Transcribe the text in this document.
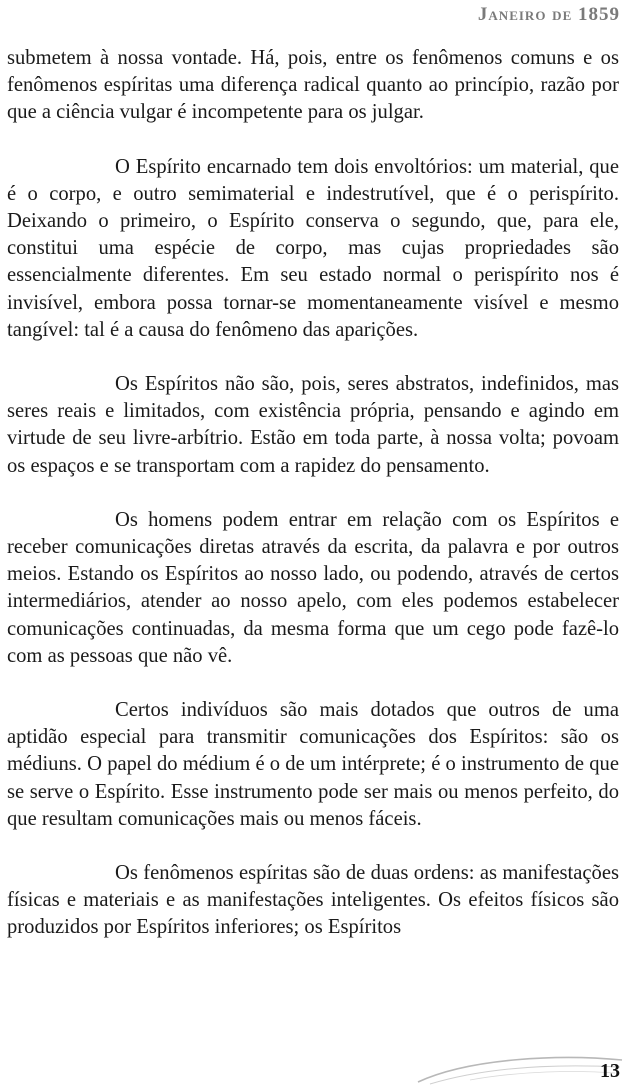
Janeiro de 1859

submetem à nossa vontade. Há, pois, entre os fenômenos comuns e os fenômenos espíritas uma diferença radical quanto ao princípio, razão por que a ciência vulgar é incompetente para os julgar.

O Espírito encarnado tem dois envoltórios: um material, que é o corpo, e outro semimaterial e indestrutível, que é o perispírito. Deixando o primeiro, o Espírito conserva o segundo, que, para ele, constitui uma espécie de corpo, mas cujas propriedades são essencialmente diferentes. Em seu estado normal o perispírito nos é invisível, embora possa tornar-se momentaneamente visível e mesmo tangível: tal é a causa do fenômeno das aparições.

Os Espíritos não são, pois, seres abstratos, indefinidos, mas seres reais e limitados, com existência própria, pensando e agindo em virtude de seu livre-arbítrio. Estão em toda parte, à nossa volta; povoam os espaços e se transportam com a rapidez do pensamento.

Os homens podem entrar em relação com os Espíritos e receber comunicações diretas através da escrita, da palavra e por outros meios. Estando os Espíritos ao nosso lado, ou podendo, através de certos intermediários, atender ao nosso apelo, com eles podemos estabelecer comunicações continuadas, da mesma forma que um cego pode fazê-lo com as pessoas que não vê.

Certos indivíduos são mais dotados que outros de uma aptidão especial para transmitir comunicações dos Espíritos: são os médiuns. O papel do médium é o de um intérprete; é o instrumento de que se serve o Espírito. Esse instrumento pode ser mais ou menos perfeito, do que resultam comunicações mais ou menos fáceis.

Os fenômenos espíritas são de duas ordens: as manifestações físicas e materiais e as manifestações inteligentes. Os efeitos físicos são produzidos por Espíritos inferiores; os Espíritos

13
